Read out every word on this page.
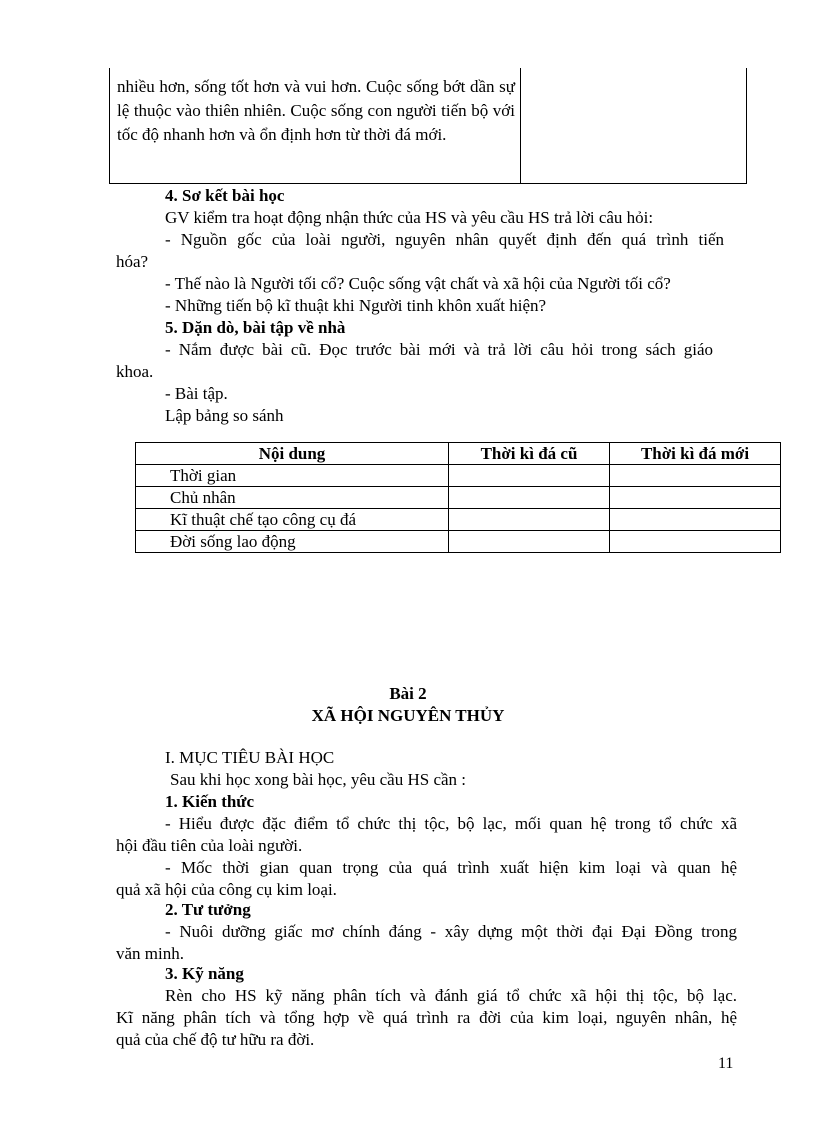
nhiều hơn, sống tốt hơn và vui hơn. Cuộc sống bớt dần sự lệ thuộc vào thiên nhiên. Cuộc sống con người tiến bộ với tốc độ nhanh hơn và ổn định hơn từ thời đá mới.
4. Sơ kết bài học
GV kiểm tra hoạt động nhận thức của HS và yêu cầu HS trả lời câu hỏi:
- Nguồn gốc của loài người, nguyên nhân quyết định đến quá trình tiến
hóa?
- Thế nào là Người tối cổ? Cuộc sống vật chất và xã hội của Người tối cổ?
- Những tiến bộ kĩ thuật khi Người tinh khôn xuất hiện?
5. Dặn dò, bài tập về nhà
- Nắm được bài cũ. Đọc trước bài mới và trả lời câu hỏi trong sách giáo
khoa.
- Bài tập.
Lập bảng so sánh
Nội dung	Thời kì đá cũ	Thời kì đá mới
Thời gian		
Chủ nhân		
Kĩ thuật chế tạo công cụ đá		
Đời sống lao động		
Bài 2
XÃ HỘI NGUYÊN THỦY
I. MỤC TIÊU BÀI HỌC
Sau khi học xong bài học, yêu cầu HS cần :
1. Kiến thức
- Hiểu được đặc điểm tổ chức thị tộc, bộ lạc, mối quan hệ trong tổ chức xã
hội đầu tiên của loài người.
- Mốc thời gian quan trọng của quá trình xuất hiện kim loại và quan hệ
quả xã hội của công cụ kim loại.
2. Tư tưởng
- Nuôi dưỡng giấc mơ chính đáng - xây dựng một thời đại Đại Đồng trong
văn minh.
3. Kỹ năng
Rèn cho HS kỹ năng phân tích và đánh giá tổ chức xã hội thị tộc, bộ lạc.
Kĩ năng phân tích và tổng hợp về quá trình ra đời của kim loại, nguyên nhân, hệ
quả của chế độ tư hữu ra đời.
11
